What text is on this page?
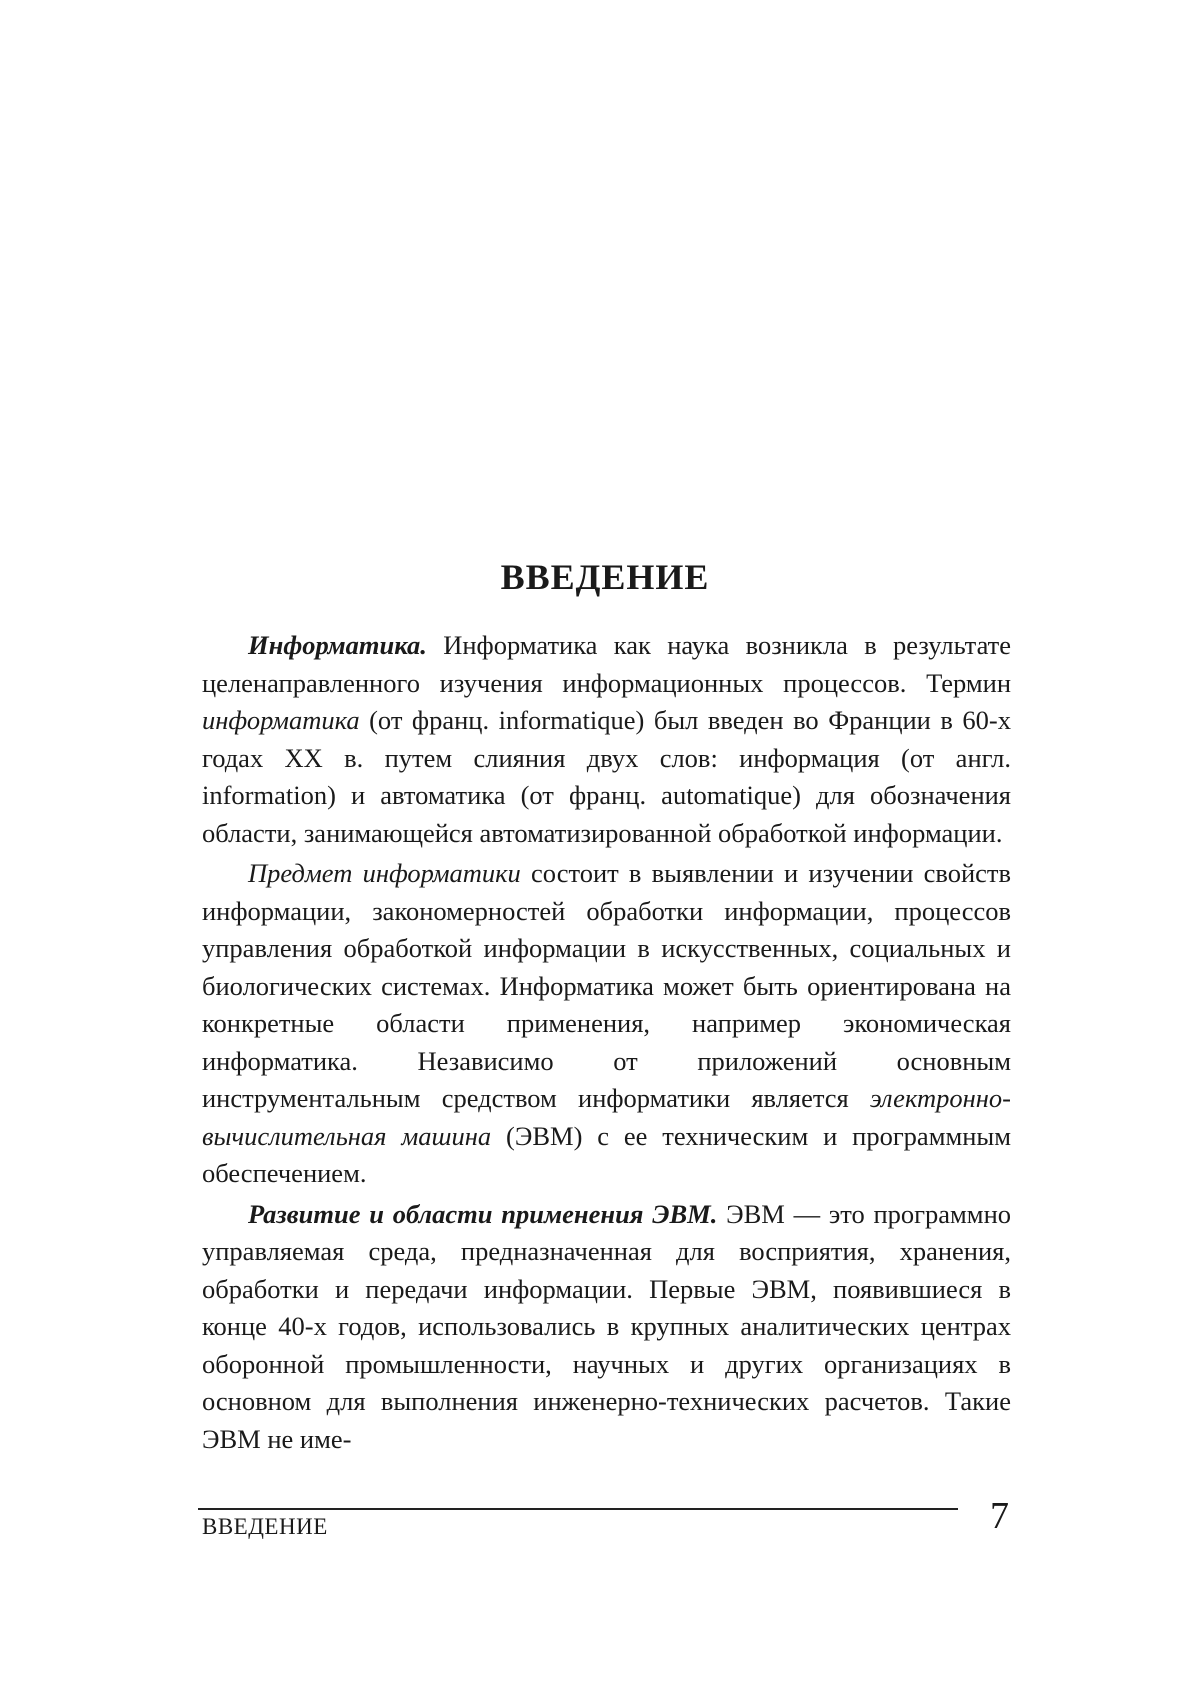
ВВЕДЕНИЕ

Информатика. Информатика как наука возникла в ре­зультате целенаправленного изучения информационных процессов. Термин информатика (от франц. informatique) был введен во Франции в 60-х годах XX в. путем слияния двух слов: информация (от англ. information) и автоматика (от франц. automatique) для обозначения области, занима­ющейся автоматизированной обработкой информации.

Предмет информатики состоит в выявлении и изучении свойств информации, закономерностей обработки информа­ции, процессов управления обработкой информации в ис­кусственных, социальных и биологических системах. Ин­форматика может быть ориентирована на конкретные облас­ти применения, например экономическая информатика. Не­зависимо от приложений основным инструментальным сред­ством информатики является электронно-вычислительная машина (ЭВМ) с ее техническим и программным обеспе­чением.

Развитие и области применения ЭВМ. ЭВМ — это программно управляемая среда, предназначенная для вос­приятия, хранения, обработки и передачи информации. Пер­вые ЭВМ, появившиеся в конце 40-х годов, использовались в крупных аналитических центрах оборонной промышленно­сти, научных и других организациях в основном для выпол­нения инженерно-технических расчетов. Такие ЭВМ не име-

ВВЕДЕНИЕ	7
